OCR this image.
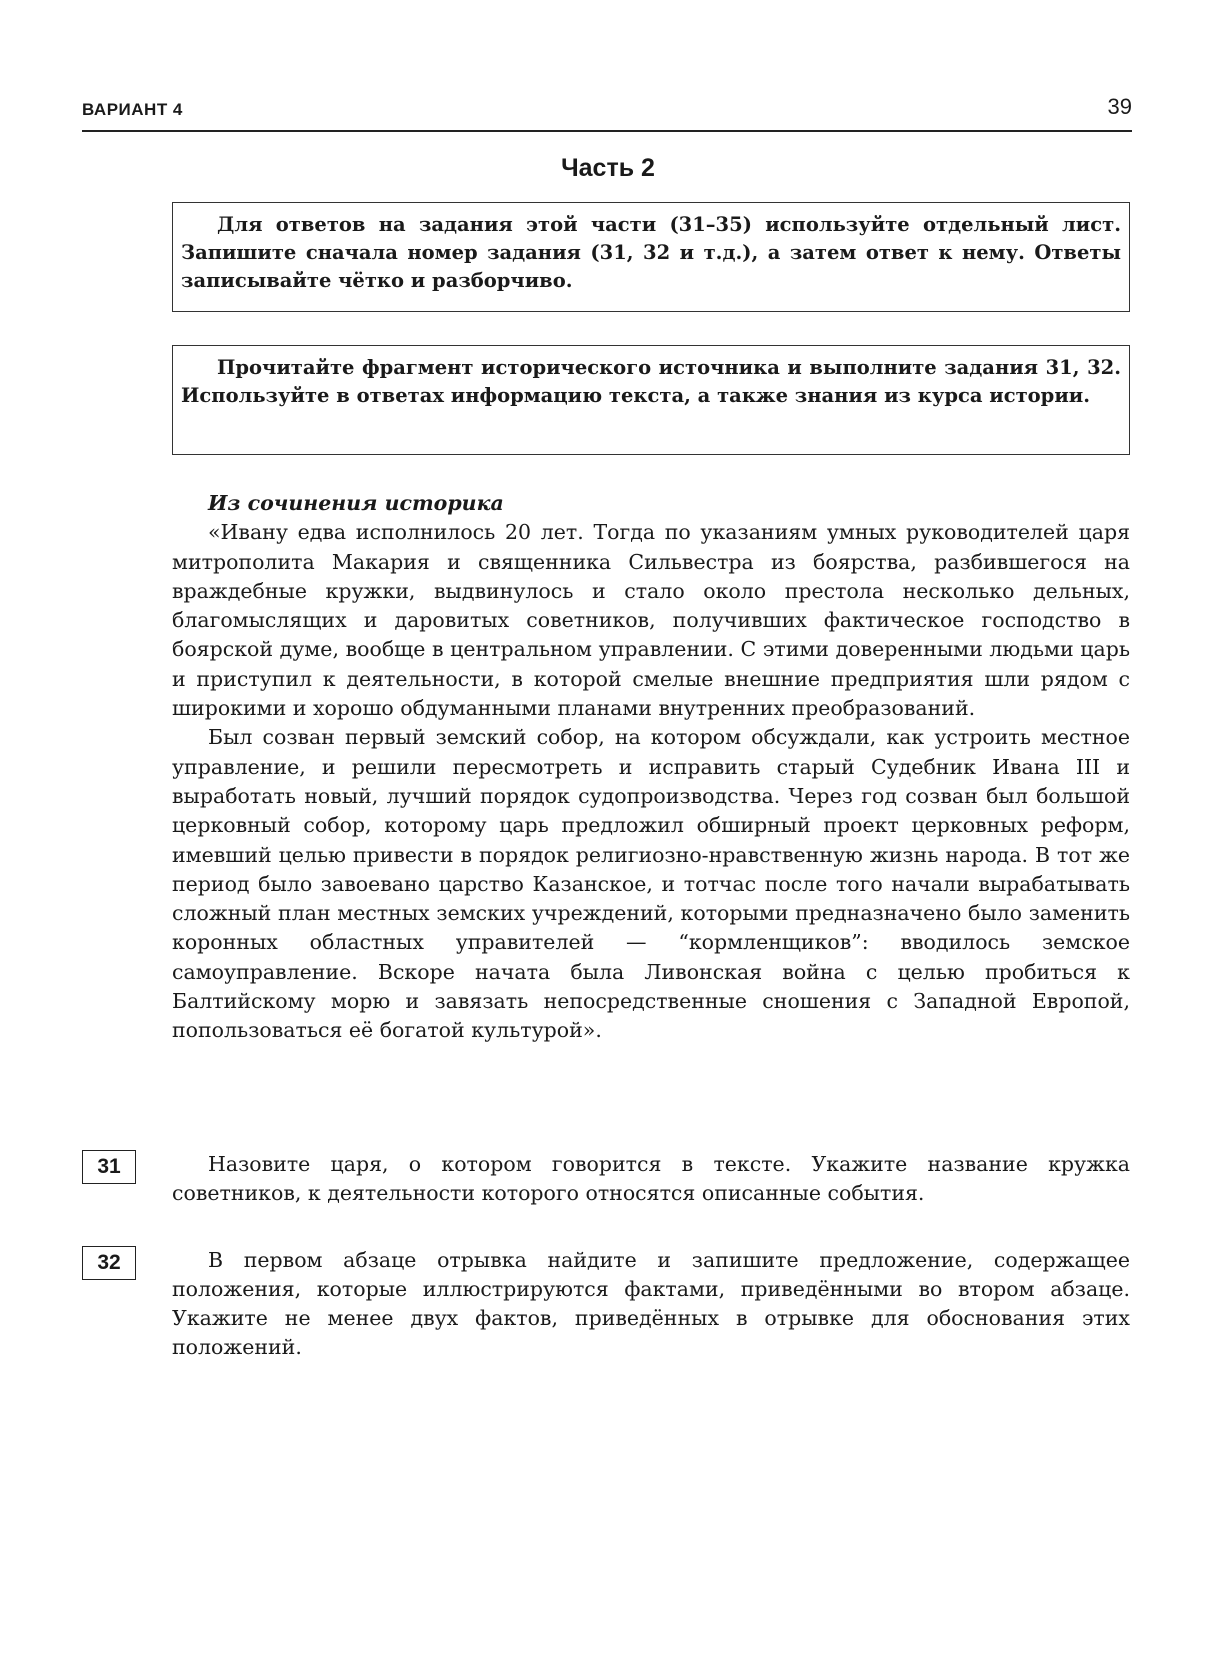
ВАРИАНТ 4	39
Часть 2

Для ответов на задания этой части (31–35) используйте отдельный лист. Запишите сначала номер задания (31, 32 и т.д.), а затем ответ к нему. Ответы записывайте чётко и разборчиво.

Прочитайте фрагмент исторического источника и выполните задания 31, 32. Используйте в ответах информацию текста, а также знания из курса истории.

Из сочинения историка

«Ивану едва исполнилось 20 лет. Тогда по указаниям умных руководителей царя митрополита Макария и священника Сильвестра из боярства, разбившегося на враждебные кружки, выдвинулось и стало около престола несколько дельных, благомыслящих и даровитых советников, получивших фактическое господство в боярской думе, вообще в центральном управлении. С этими доверенными людьми царь и приступил к деятельности, в которой смелые внешние предприятия шли рядом с широкими и хорошо обдуманными планами внутренних преобразований.

Был созван первый земский собор, на котором обсуждали, как устроить местное управление, и решили пересмотреть и исправить старый Судебник Ивана III и выработать новый, лучший порядок судопроизводства. Через год созван был большой церковный собор, которому царь предложил обширный проект церковных реформ, имевший целью привести в порядок религиозно-нравственную жизнь народа. В тот же период было завоевано царство Казанское, и тотчас после того начали вырабатывать сложный план местных земских учреждений, которыми предназначено было заменить коронных областных управителей — “кормленщиков”: вводилось земское самоуправление. Вскоре начата была Ливонская война с целью пробиться к Балтийскому морю и завязать непосредственные сношения с Западной Европой, попользоваться её богатой культурой».

31	Назовите царя, о котором говорится в тексте. Укажите название кружка советников, к деятельности которого относятся описанные события.

32	В первом абзаце отрывка найдите и запишите предложение, содержащее положения, которые иллюстрируются фактами, приведёнными во втором абзаце. Укажите не менее двух фактов, приведённых в отрывке для обоснования этих положений.
